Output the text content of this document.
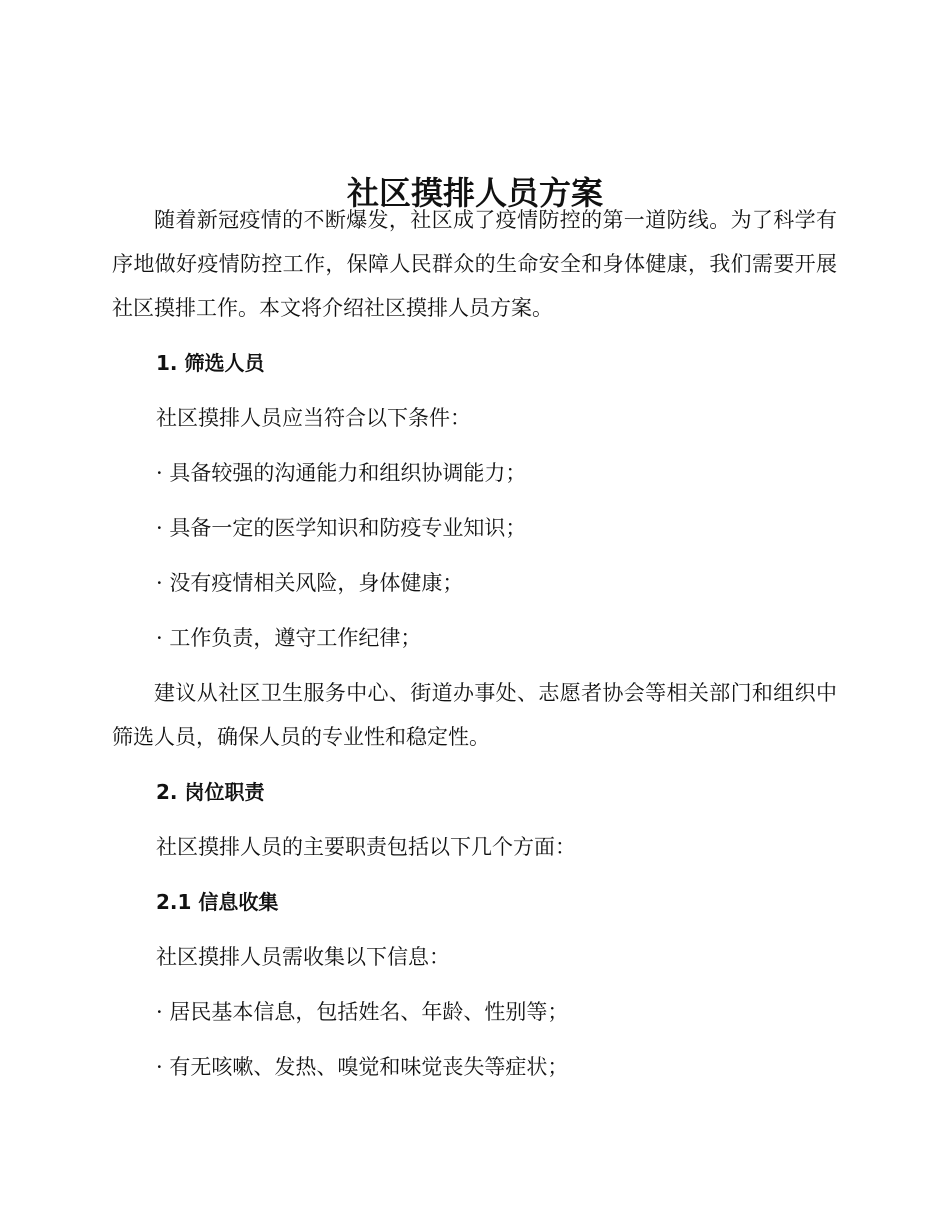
社区摸排人员方案

随着新冠疫情的不断爆发，社区成了疫情防控的第一道防线。为了科学有序地做好疫情防控工作，保障人民群众的生命安全和身体健康，我们需要开展社区摸排工作。本文将介绍社区摸排人员方案。

1. 筛选人员

社区摸排人员应当符合以下条件：

· 具备较强的沟通能力和组织协调能力；

· 具备一定的医学知识和防疫专业知识；

· 没有疫情相关风险，身体健康；

· 工作负责，遵守工作纪律；

建议从社区卫生服务中心、街道办事处、志愿者协会等相关部门和组织中筛选人员，确保人员的专业性和稳定性。

2. 岗位职责

社区摸排人员的主要职责包括以下几个方面：

2.1 信息收集

社区摸排人员需收集以下信息：

· 居民基本信息，包括姓名、年龄、性别等；

· 有无咳嗽、发热、嗅觉和味觉丧失等症状；
